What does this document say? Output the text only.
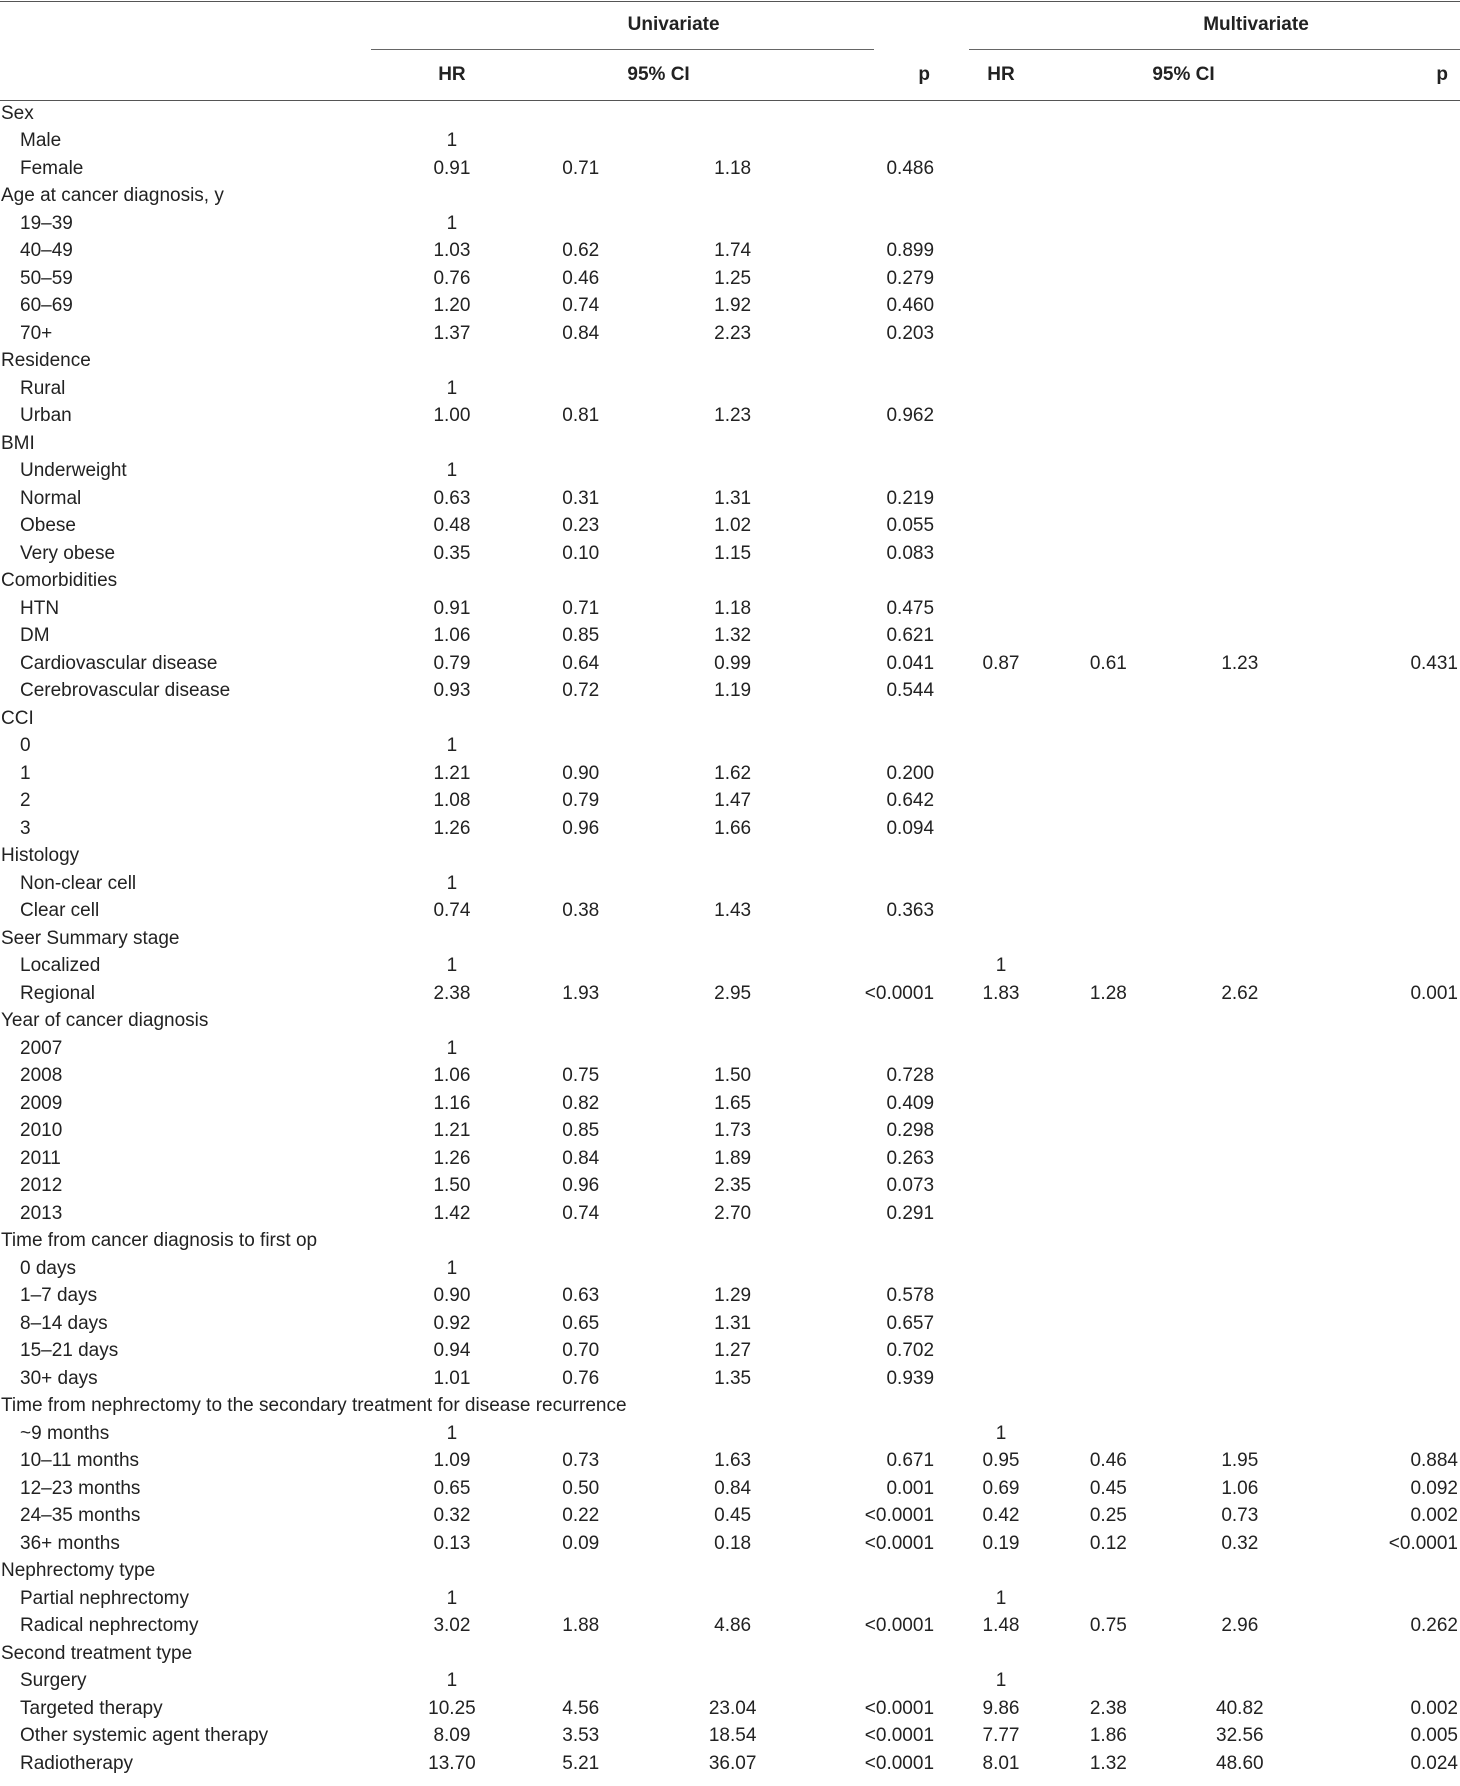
	Univariate					Multivariate		
	HR	95% CI		p	HR	95% CI		p
Sex								
Male	1							
Female	0.91	0.71	1.18	0.486				
Age at cancer diagnosis, y								
19–39	1							
40–49	1.03	0.62	1.74	0.899				
50–59	0.76	0.46	1.25	0.279				
60–69	1.20	0.74	1.92	0.460				
70+	1.37	0.84	2.23	0.203				
Residence								
Rural	1							
Urban	1.00	0.81	1.23	0.962				
BMI								
Underweight	1							
Normal	0.63	0.31	1.31	0.219				
Obese	0.48	0.23	1.02	0.055				
Very obese	0.35	0.10	1.15	0.083				
Comorbidities								
HTN	0.91	0.71	1.18	0.475				
DM	1.06	0.85	1.32	0.621				
Cardiovascular disease	0.79	0.64	0.99	0.041	0.87	0.61	1.23	0.431
Cerebrovascular disease	0.93	0.72	1.19	0.544				
CCI								
0	1							
1	1.21	0.90	1.62	0.200				
2	1.08	0.79	1.47	0.642				
3	1.26	0.96	1.66	0.094				
Histology								
Non-clear cell	1							
Clear cell	0.74	0.38	1.43	0.363				
Seer Summary stage								
Localized	1				1			
Regional	2.38	1.93	2.95	<0.0001	1.83	1.28	2.62	0.001
Year of cancer diagnosis								
2007	1							
2008	1.06	0.75	1.50	0.728				
2009	1.16	0.82	1.65	0.409				
2010	1.21	0.85	1.73	0.298				
2011	1.26	0.84	1.89	0.263				
2012	1.50	0.96	2.35	0.073				
2013	1.42	0.74	2.70	0.291				
Time from cancer diagnosis to first op								
0 days	1							
1–7 days	0.90	0.63	1.29	0.578				
8–14 days	0.92	0.65	1.31	0.657				
15–21 days	0.94	0.70	1.27	0.702				
30+ days	1.01	0.76	1.35	0.939				
Time from nephrectomy to the secondary treatment for disease recurrence								
~9 months	1				1			
10–11 months	1.09	0.73	1.63	0.671	0.95	0.46	1.95	0.884
12–23 months	0.65	0.50	0.84	0.001	0.69	0.45	1.06	0.092
24–35 months	0.32	0.22	0.45	<0.0001	0.42	0.25	0.73	0.002
36+ months	0.13	0.09	0.18	<0.0001	0.19	0.12	0.32	<0.0001
Nephrectomy type								
Partial nephrectomy	1				1			
Radical nephrectomy	3.02	1.88	4.86	<0.0001	1.48	0.75	2.96	0.262
Second treatment type								
Surgery	1				1			
Targeted therapy	10.25	4.56	23.04	<0.0001	9.86	2.38	40.82	0.002
Other systemic agent therapy	8.09	3.53	18.54	<0.0001	7.77	1.86	32.56	0.005
Radiotherapy	13.70	5.21	36.07	<0.0001	8.01	1.32	48.60	0.024
